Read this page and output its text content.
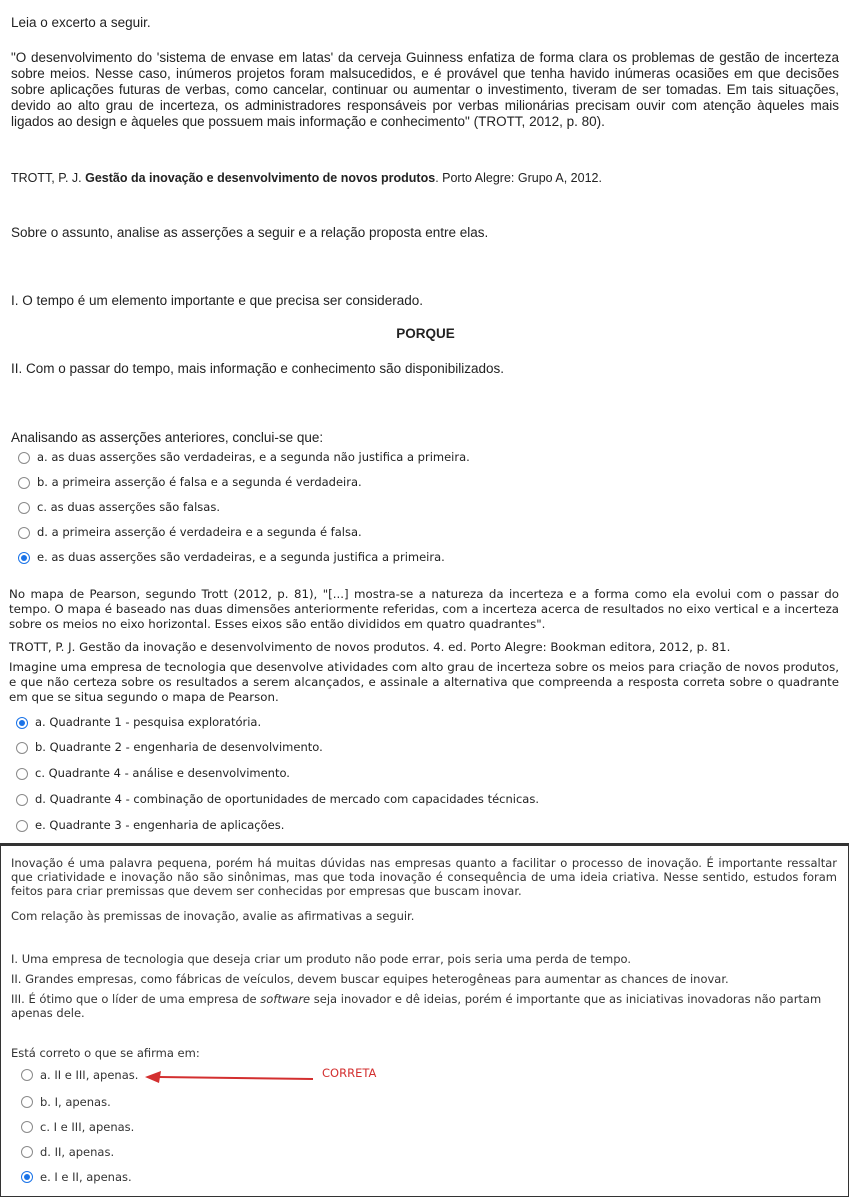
Leia o excerto a seguir.
"O desenvolvimento do 'sistema de envase em latas' da cerveja Guinness enfatiza de forma clara os problemas de gestão de incerteza sobre meios. Nesse caso, inúmeros projetos foram malsucedidos, e é provável que tenha havido inúmeras ocasiões em que decisões sobre aplicações futuras de verbas, como cancelar, continuar ou aumentar o investimento, tiveram de ser tomadas. Em tais situações, devido ao alto grau de incerteza, os administradores responsáveis por verbas milionárias precisam ouvir com atenção àqueles mais ligados ao design e àqueles que possuem mais informação e conhecimento" (TROTT, 2012, p. 80).
TROTT, P. J. Gestão da inovação e desenvolvimento de novos produtos. Porto Alegre: Grupo A, 2012.
Sobre o assunto, analise as asserções a seguir e a relação proposta entre elas.
I. O tempo é um elemento importante e que precisa ser considerado.
PORQUE
II. Com o passar do tempo, mais informação e conhecimento são disponibilizados.
Analisando as asserções anteriores, conclui-se que:
a. as duas asserções são verdadeiras, e a segunda não justifica a primeira.
b. a primeira asserção é falsa e a segunda é verdadeira.
c. as duas asserções são falsas.
d. a primeira asserção é verdadeira e a segunda é falsa.
e. as duas asserções são verdadeiras, e a segunda justifica a primeira.
No mapa de Pearson, segundo Trott (2012, p. 81), "[...] mostra-se a natureza da incerteza e a forma como ela evolui com o passar do tempo. O mapa é baseado nas duas dimensões anteriormente referidas, com a incerteza acerca de resultados no eixo vertical e a incerteza sobre os meios no eixo horizontal. Esses eixos são então divididos em quatro quadrantes".
TROTT, P. J. Gestão da inovação e desenvolvimento de novos produtos. 4. ed. Porto Alegre: Bookman editora, 2012, p. 81.
Imagine uma empresa de tecnologia que desenvolve atividades com alto grau de incerteza sobre os meios para criação de novos produtos, e que não certeza sobre os resultados a serem alcançados, e assinale a alternativa que compreenda a resposta correta sobre o quadrante em que se situa segundo o mapa de Pearson.
a. Quadrante 1 - pesquisa exploratória.
b. Quadrante 2 - engenharia de desenvolvimento.
c. Quadrante 4 - análise e desenvolvimento.
d. Quadrante 4 - combinação de oportunidades de mercado com capacidades técnicas.
e. Quadrante 3 - engenharia de aplicações.
Inovação é uma palavra pequena, porém há muitas dúvidas nas empresas quanto a facilitar o processo de inovação. É importante ressaltar que criatividade e inovação não são sinônimas, mas que toda inovação é consequência de uma ideia criativa. Nesse sentido, estudos foram feitos para criar premissas que devem ser conhecidas por empresas que buscam inovar.
Com relação às premissas de inovação, avalie as afirmativas a seguir.
I. Uma empresa de tecnologia que deseja criar um produto não pode errar, pois seria uma perda de tempo.
II. Grandes empresas, como fábricas de veículos, devem buscar equipes heterogêneas para aumentar as chances de inovar.
III. É ótimo que o líder de uma empresa de software seja inovador e dê ideias, porém é importante que as iniciativas inovadoras não partam apenas dele.
Está correto o que se afirma em:
a. II e III, apenas.
b. I, apenas.
c. I e III, apenas.
d. II, apenas.
e. I e II, apenas.
CORRETA
